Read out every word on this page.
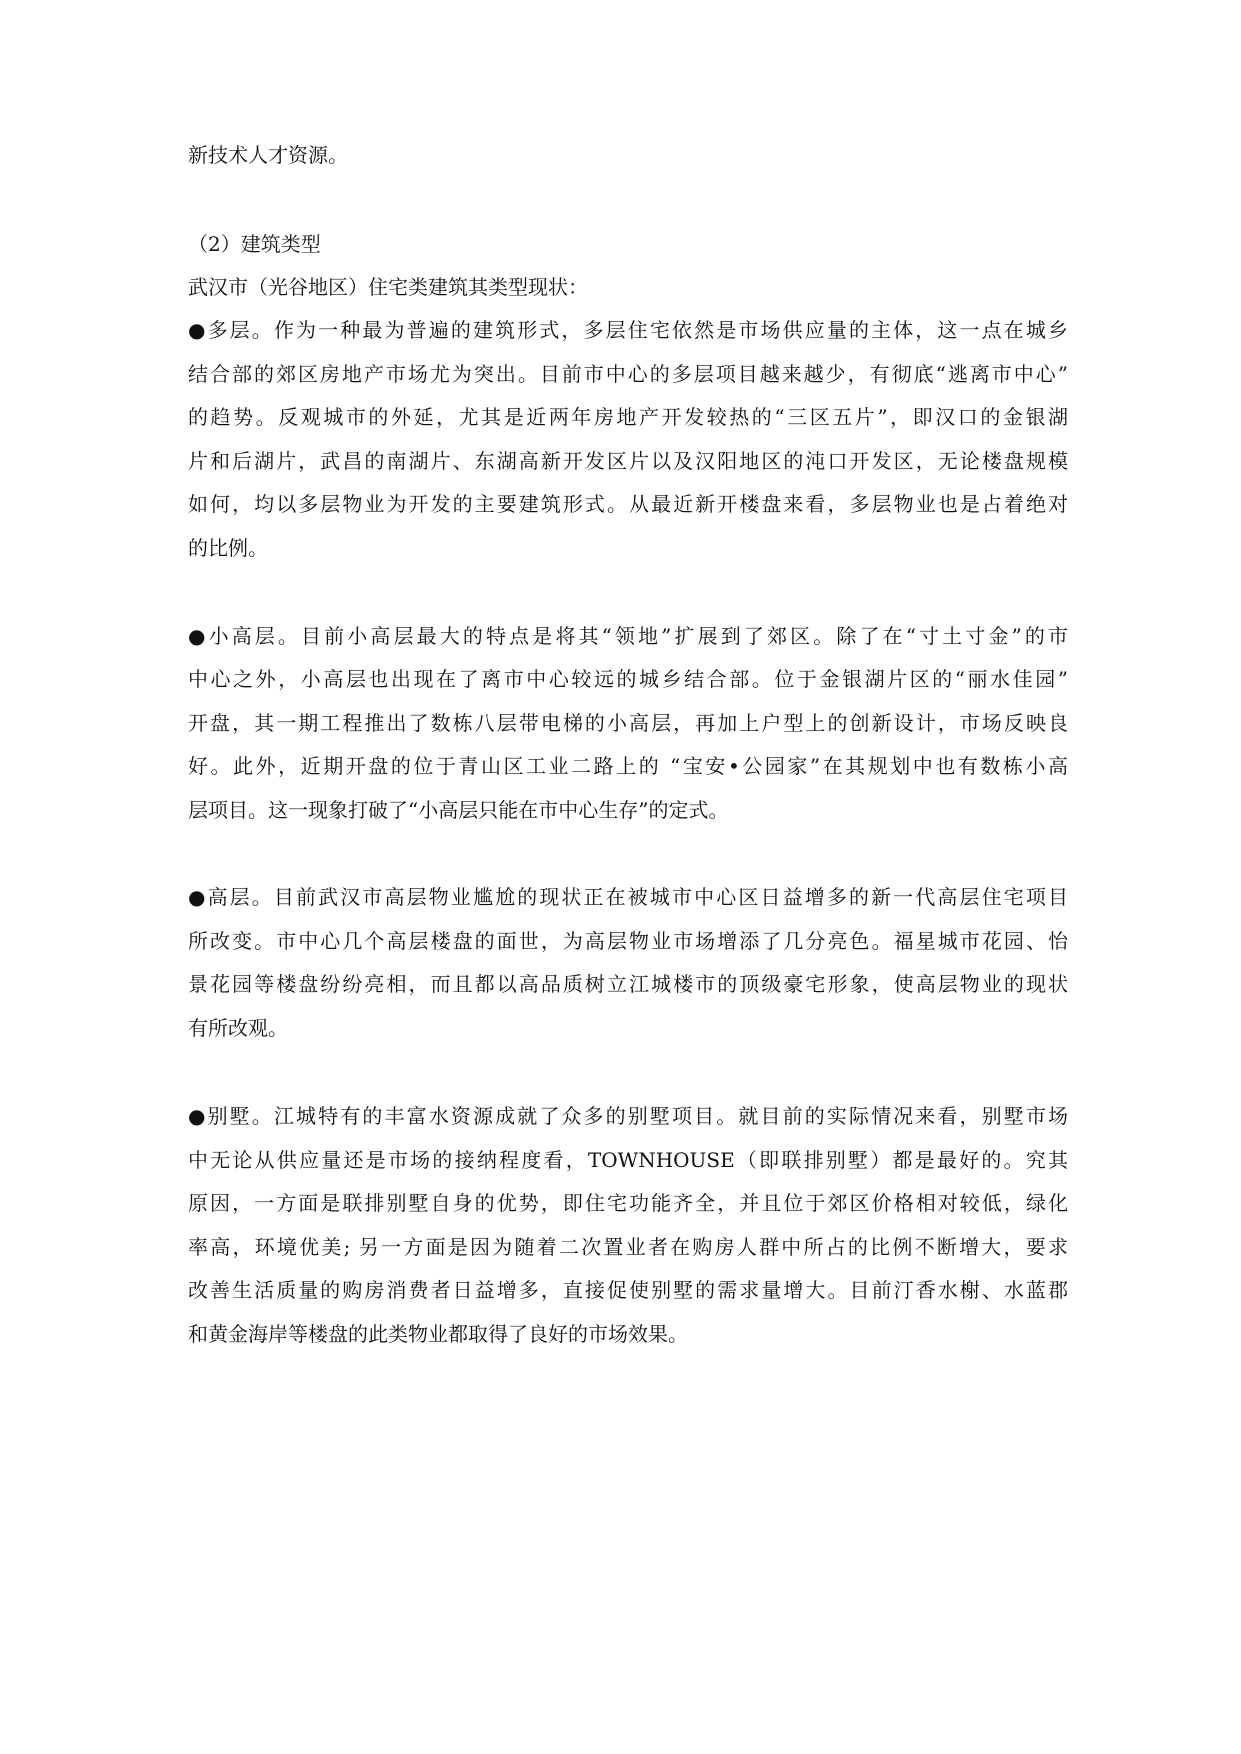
新技术人才资源。
（2）建筑类型
武汉市（光谷地区）住宅类建筑其类型现状：
●多层。作为一种最为普遍的建筑形式，多层住宅依然是市场供应量的主体，这一点在城乡
结合部的郊区房地产市场尤为突出。目前市中心的多层项目越来越少，有彻底“逃离市中心”
的趋势。反观城市的外延，尤其是近两年房地产开发较热的“三区五片”，即汉口的金银湖
片和后湖片，武昌的南湖片、东湖高新开发区片以及汉阳地区的沌口开发区，无论楼盘规模
如何，均以多层物业为开发的主要建筑形式。从最近新开楼盘来看，多层物业也是占着绝对
的比例。
●小高层。目前小高层最大的特点是将其“领地”扩展到了郊区。除了在“寸土寸金”的市
中心之外，小高层也出现在了离市中心较远的城乡结合部。位于金银湖片区的“丽水佳园”
开盘，其一期工程推出了数栋八层带电梯的小高层，再加上户型上的创新设计，市场反映良
好。此外，近期开盘的位于青山区工业二路上的 “宝安•公园家”在其规划中也有数栋小高
层项目。这一现象打破了“小高层只能在市中心生存”的定式。
●高层。目前武汉市高层物业尴尬的现状正在被城市中心区日益增多的新一代高层住宅项目
所改变。市中心几个高层楼盘的面世，为高层物业市场增添了几分亮色。福星城市花园、怡
景花园等楼盘纷纷亮相，而且都以高品质树立江城楼市的顶级豪宅形象，使高层物业的现状
有所改观。
●别墅。江城特有的丰富水资源成就了众多的别墅项目。就目前的实际情况来看，别墅市场
中无论从供应量还是市场的接纳程度看，TOWNHOUSE（即联排别墅）都是最好的。究其
原因，一方面是联排别墅自身的优势，即住宅功能齐全，并且位于郊区价格相对较低，绿化
率高，环境优美; 另一方面是因为随着二次置业者在购房人群中所占的比例不断增大，要求
改善生活质量的购房消费者日益增多，直接促使别墅的需求量增大。目前汀香水榭、水蓝郡
和黄金海岸等楼盘的此类物业都取得了良好的市场效果。
